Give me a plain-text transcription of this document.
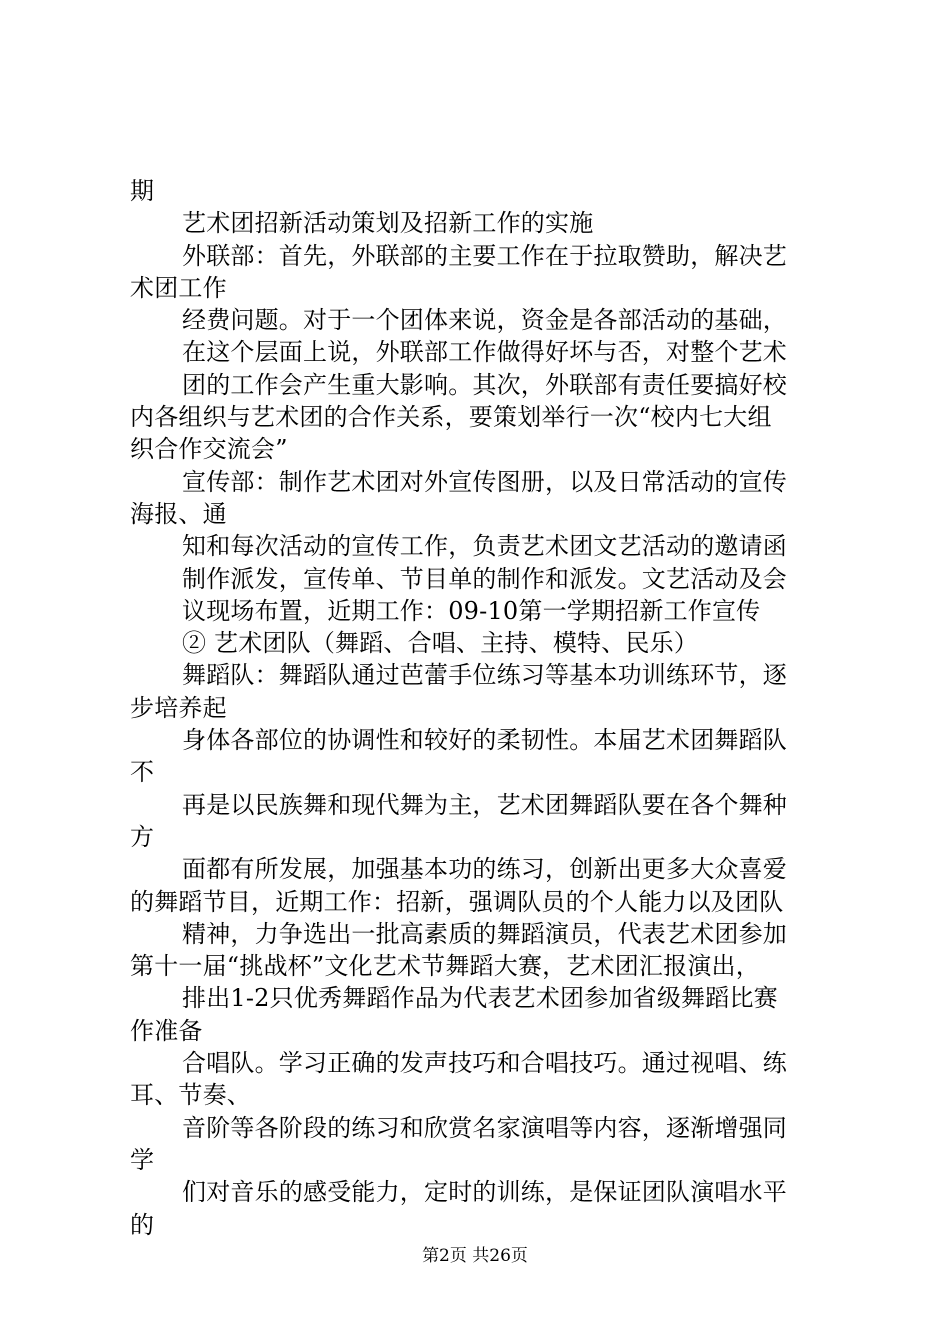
期
艺术团招新活动策划及招新工作的实施
外联部：首先，外联部的主要工作在于拉取赞助，解决艺
术团工作
经费问题。对于一个团体来说，资金是各部活动的基础，
在这个层面上说，外联部工作做得好坏与否，对整个艺术
团的工作会产生重大影响。其次，外联部有责任要搞好校
内各组织与艺术团的合作关系，要策划举行一次“校内七大组
织合作交流会”
宣传部：制作艺术团对外宣传图册，以及日常活动的宣传
海报、通
知和每次活动的宣传工作，负责艺术团文艺活动的邀请函
制作派发，宣传单、节目单的制作和派发。文艺活动及会
议现场布置，近期工作：09-10第一学期招新工作宣传
② 艺术团队（舞蹈、合唱、主持、模特、民乐）
舞蹈队：舞蹈队通过芭蕾手位练习等基本功训练环节，逐
步培养起
身体各部位的协调性和较好的柔韧性。本届艺术团舞蹈队
不
再是以民族舞和现代舞为主，艺术团舞蹈队要在各个舞种
方
面都有所发展，加强基本功的练习，创新出更多大众喜爱
的舞蹈节目，近期工作：招新，强调队员的个人能力以及团队
精神，力争选出一批高素质的舞蹈演员，代表艺术团参加
第十一届“挑战杯”文化艺术节舞蹈大赛，艺术团汇报演出，
排出1-2只优秀舞蹈作品为代表艺术团参加省级舞蹈比赛
作准备
合唱队。学习正确的发声技巧和合唱技巧。通过视唱、练
耳、节奏、
音阶等各阶段的练习和欣赏名家演唱等内容，逐渐增强同
学
们对音乐的感受能力，定时的训练，是保证团队演唱水平
的
第2页 共26页
